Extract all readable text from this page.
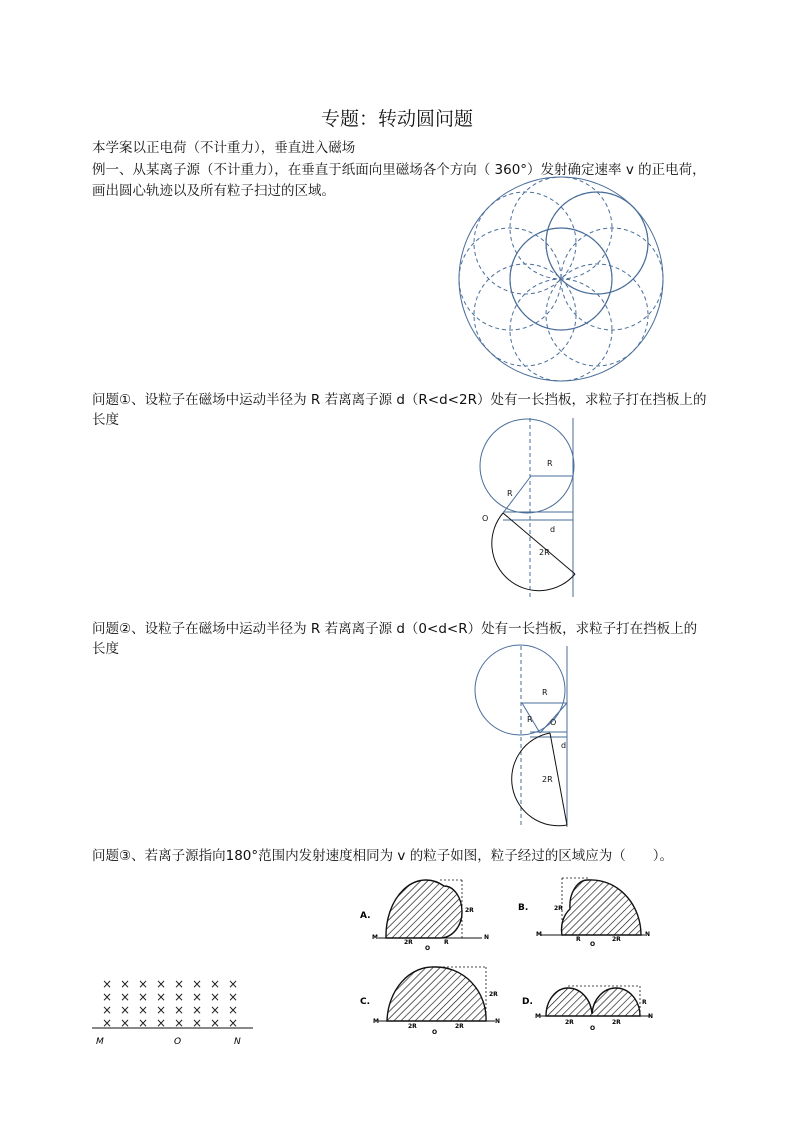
专题：转动圆问题
本学案以正电荷（不计重力），垂直进入磁场
例一、从某离子源（不计重力），在垂直于纸面向里磁场各个方向（ 360°）发射确定速率 v 的正电荷，
画出圆心轨迹以及所有粒子扫过的区域。
问题①、设粒子在磁场中运动半径为 R 若离离子源 d（R<d<2R）处有一长挡板，求粒子打在挡板上的
长度
R
R
O
d
2R
问题②、设粒子在磁场中运动半径为 R 若离离子源 d（0<d<R）处有一长挡板，求粒子打在挡板上的
长度
R
R O
d
2R
问题③、若离子源指向180°范围内发射速度相同为 v 的粒子如图，粒子经过的区域应为（　　）。
× × × × × × × ×
× × × × × × × ×
× × × × × × × ×
× × × × × × × ×
M	O	N
A.
2R
M	N
2R	R
O
B.	2R
M	N
R	2R
O
C.
2R
M	N
2R	2R
O
D.	R
M	N
2R	2R
O
